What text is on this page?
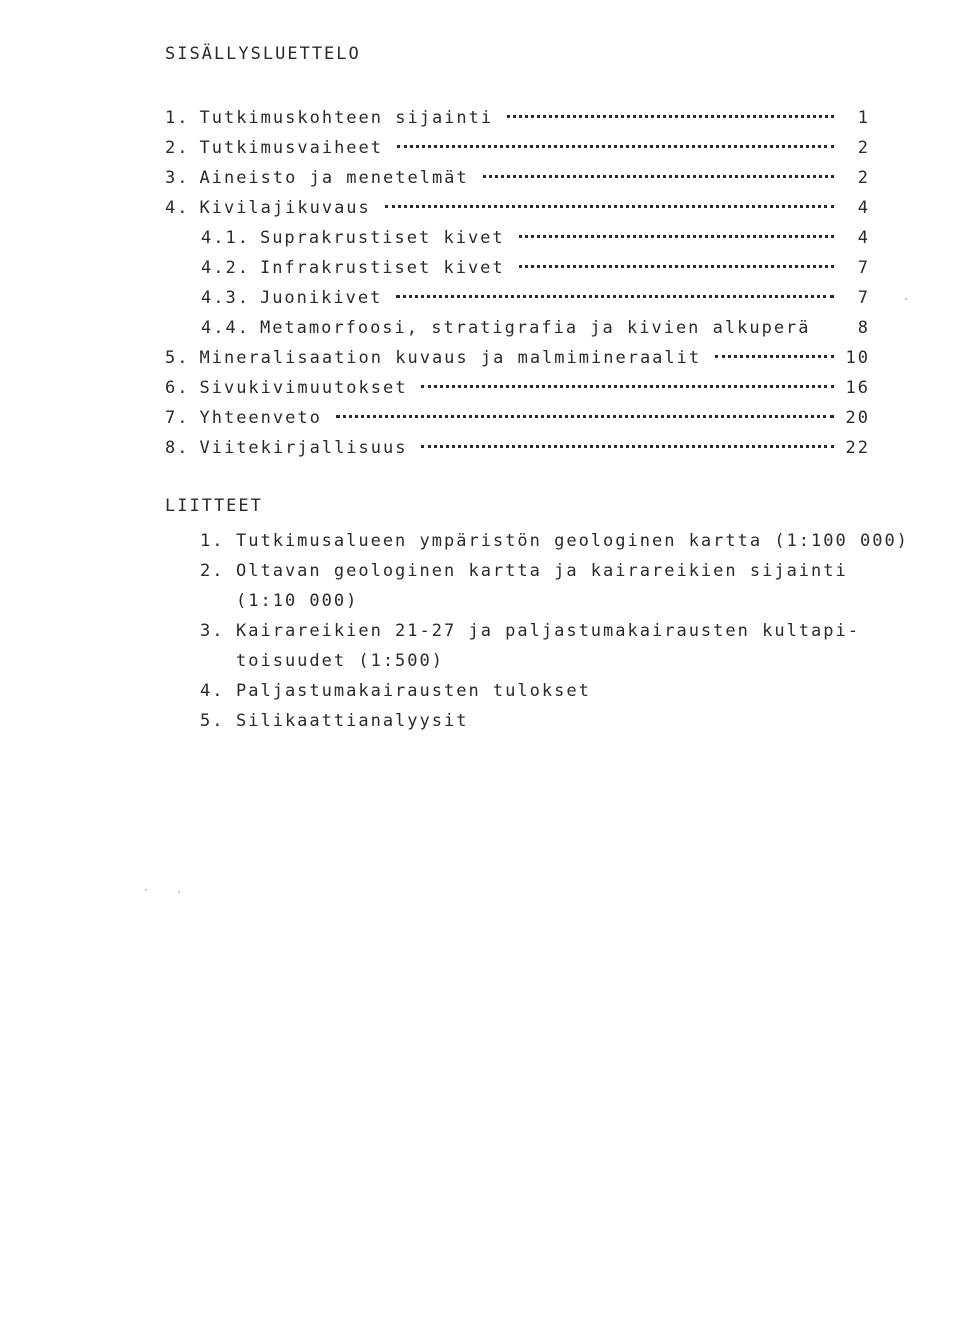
SISÄLLYSLUETTELO
1. Tutkimuskohteen sijainti	1
2. Tutkimusvaiheet	2
3. Aineisto ja menetelmät	2
4. Kivilajikuvaus	4
4.1. Suprakrustiset kivet	4
4.2. Infrakrustiset kivet	7
4.3. Juonikivet	7
4.4. Metamorfoosi, stratigrafia ja kivien alkuperä	8
5. Mineralisaation kuvaus ja malmimineraalit	10
6. Sivukivimuutokset	16
7. Yhteenveto	20
8. Viitekirjallisuus	22
LIITTEET
1. Tutkimusalueen ympäristön geologinen kartta (1:100 000)
2. Oltavan geologinen kartta ja kairareikien sijainti
(1:10 000)
3. Kairareikien 21-27 ja paljastumakairausten kultapi-
toisuudet (1:500)
4. Paljastumakairausten tulokset
5. Silikaattianalyysit
